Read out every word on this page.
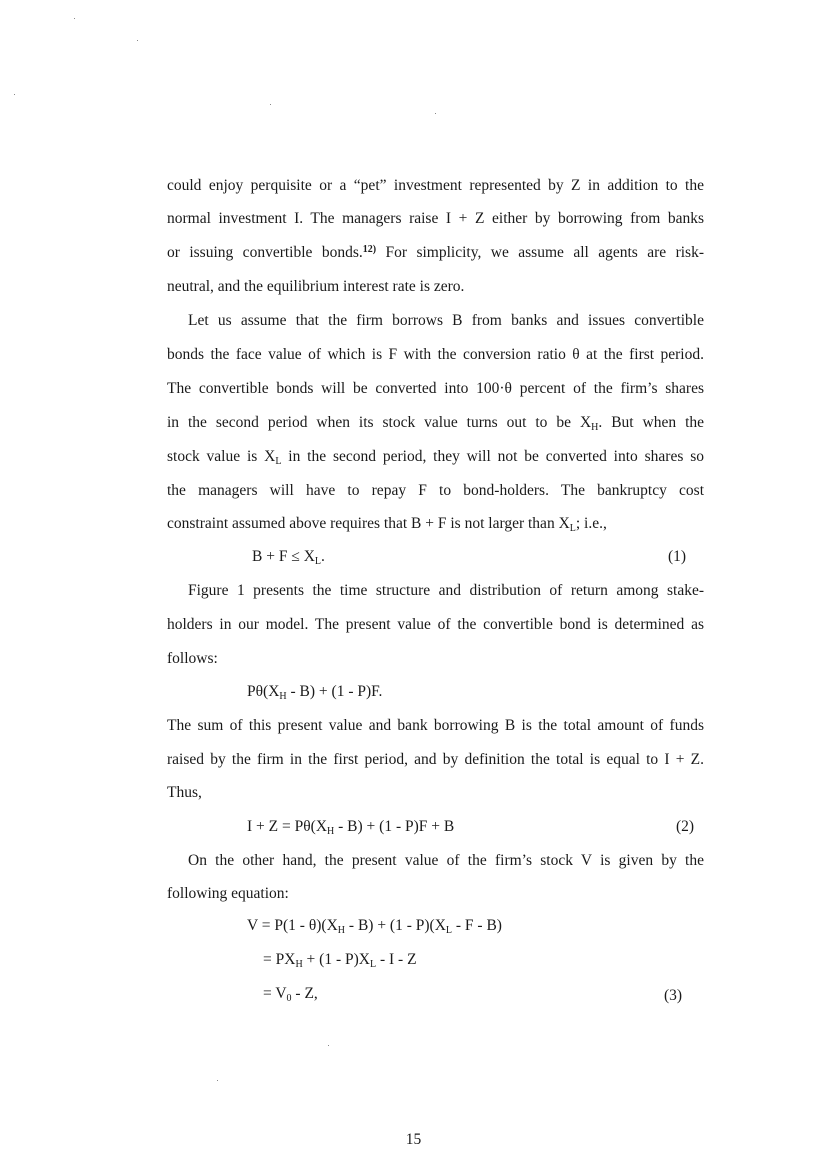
could enjoy perquisite or a “pet” investment represented by Z in addition to the
normal investment I. The managers raise I + Z either by borrowing from banks
or issuing convertible bonds.$^{12)}$ For simplicity, we assume all agents are risk-
neutral, and the equilibrium interest rate is zero.
Let us assume that the firm borrows B from banks and issues convertible
bonds the face value of which is F with the conversion ratio θ at the first period.
The convertible bonds will be converted into 100·θ percent of the firm’s shares
in the second period when its stock value turns out to be $X_H$. But when the
stock value is $X_L$ in the second period, they will not be converted into shares so
the managers will have to repay F to bond-holders. The bankruptcy cost
constraint assumed above requires that B + F is not larger than $X_L$; i.e.,
$B + F \le X_L$.	(1)
Figure 1 presents the time structure and distribution of return among stake-
holders in our model. The present value of the convertible bond is determined as
follows:
$P\theta(X_H - B) + (1 - P)F$.
The sum of this present value and bank borrowing B is the total amount of funds
raised by the firm in the first period, and by definition the total is equal to I + Z.
Thus,
$I + Z = P\theta(X_H - B) + (1 - P)F + B$	(2)
On the other hand, the present value of the firm’s stock V is given by the
following equation:
$V = P(1 - \theta)(X_H - B) + (1 - P)(X_L - F - B)$
= $PX_H + (1 - P)X_L - I - Z$
= $V_0$ - Z,	(3)
15
